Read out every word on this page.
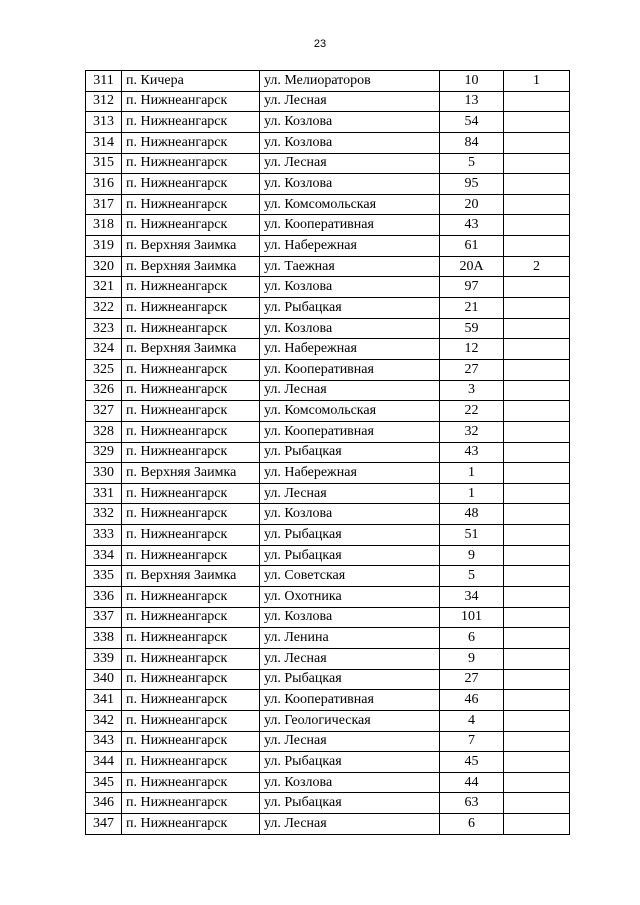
23
311	п. Кичера	ул. Мелиораторов	10	1
312	п. Нижнеангарск	ул. Лесная	13	
313	п. Нижнеангарск	ул. Козлова	54	
314	п. Нижнеангарск	ул. Козлова	84	
315	п. Нижнеангарск	ул. Лесная	5	
316	п. Нижнеангарск	ул. Козлова	95	
317	п. Нижнеангарск	ул. Комсомольская	20	
318	п. Нижнеангарск	ул. Кооперативная	43	
319	п. Верхняя Заимка	ул. Набережная	61	
320	п. Верхняя Заимка	ул. Таежная	20А	2
321	п. Нижнеангарск	ул. Козлова	97	
322	п. Нижнеангарск	ул. Рыбацкая	21	
323	п. Нижнеангарск	ул. Козлова	59	
324	п. Верхняя Заимка	ул. Набережная	12	
325	п. Нижнеангарск	ул. Кооперативная	27	
326	п. Нижнеангарск	ул. Лесная	3	
327	п. Нижнеангарск	ул. Комсомольская	22	
328	п. Нижнеангарск	ул. Кооперативная	32	
329	п. Нижнеангарск	ул. Рыбацкая	43	
330	п. Верхняя Заимка	ул. Набережная	1	
331	п. Нижнеангарск	ул. Лесная	1	
332	п. Нижнеангарск	ул. Козлова	48	
333	п. Нижнеангарск	ул. Рыбацкая	51	
334	п. Нижнеангарск	ул. Рыбацкая	9	
335	п. Верхняя Заимка	ул. Советская	5	
336	п. Нижнеангарск	ул. Охотника	34	
337	п. Нижнеангарск	ул. Козлова	101	
338	п. Нижнеангарск	ул. Ленина	6	
339	п. Нижнеангарск	ул. Лесная	9	
340	п. Нижнеангарск	ул. Рыбацкая	27	
341	п. Нижнеангарск	ул. Кооперативная	46	
342	п. Нижнеангарск	ул. Геологическая	4	
343	п. Нижнеангарск	ул. Лесная	7	
344	п. Нижнеангарск	ул. Рыбацкая	45	
345	п. Нижнеангарск	ул. Козлова	44	
346	п. Нижнеангарск	ул. Рыбацкая	63	
347	п. Нижнеангарск	ул. Лесная	6	
